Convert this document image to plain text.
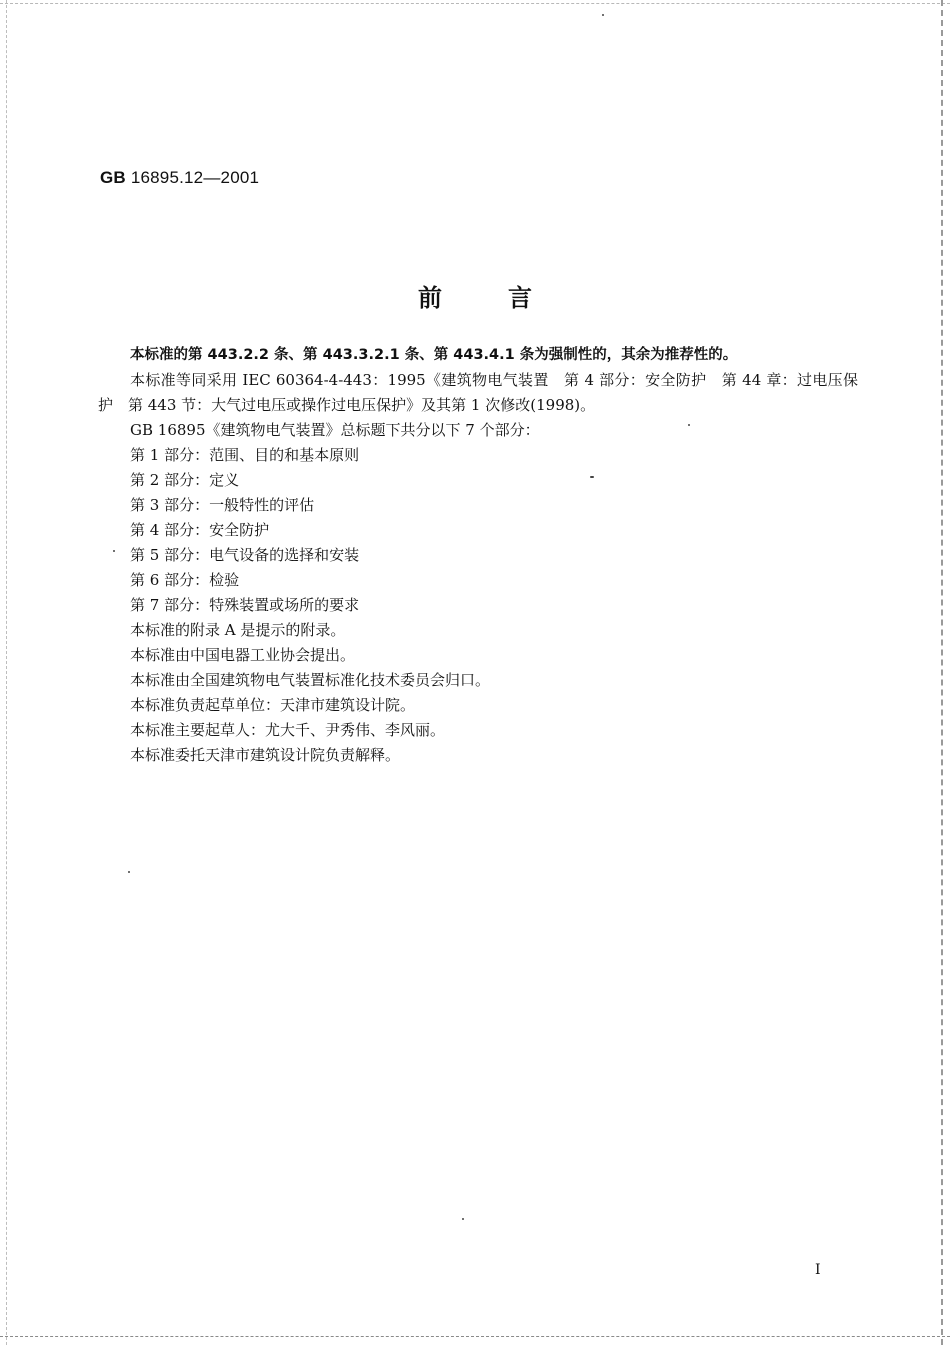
GB 16895.12—2001
前	言

本标准的第 443.2.2 条、第 443.3.2.1 条、第 443.4.1 条为强制性的，其余为推荐性的。

本标准等同采用 IEC 60364-4-443：1995《建筑物电气装置　第 4 部分：安全防护　第 44 章：过电压保护　第 443 节：大气过电压或操作过电压保护》及其第 1 次修改(1998)。

GB 16895《建筑物电气装置》总标题下共分以下 7 个部分：

第 1 部分：范围、目的和基本原则

第 2 部分：定义

第 3 部分：一般特性的评估

第 4 部分：安全防护

第 5 部分：电气设备的选择和安装

第 6 部分：检验

第 7 部分：特殊装置或场所的要求

本标准的附录 A 是提示的附录。

本标准由中国电器工业协会提出。

本标准由全国建筑物电气装置标准化技术委员会归口。

本标准负责起草单位：天津市建筑设计院。

本标准主要起草人：尤大千、尹秀伟、李风丽。

本标准委托天津市建筑设计院负责解释。

I
